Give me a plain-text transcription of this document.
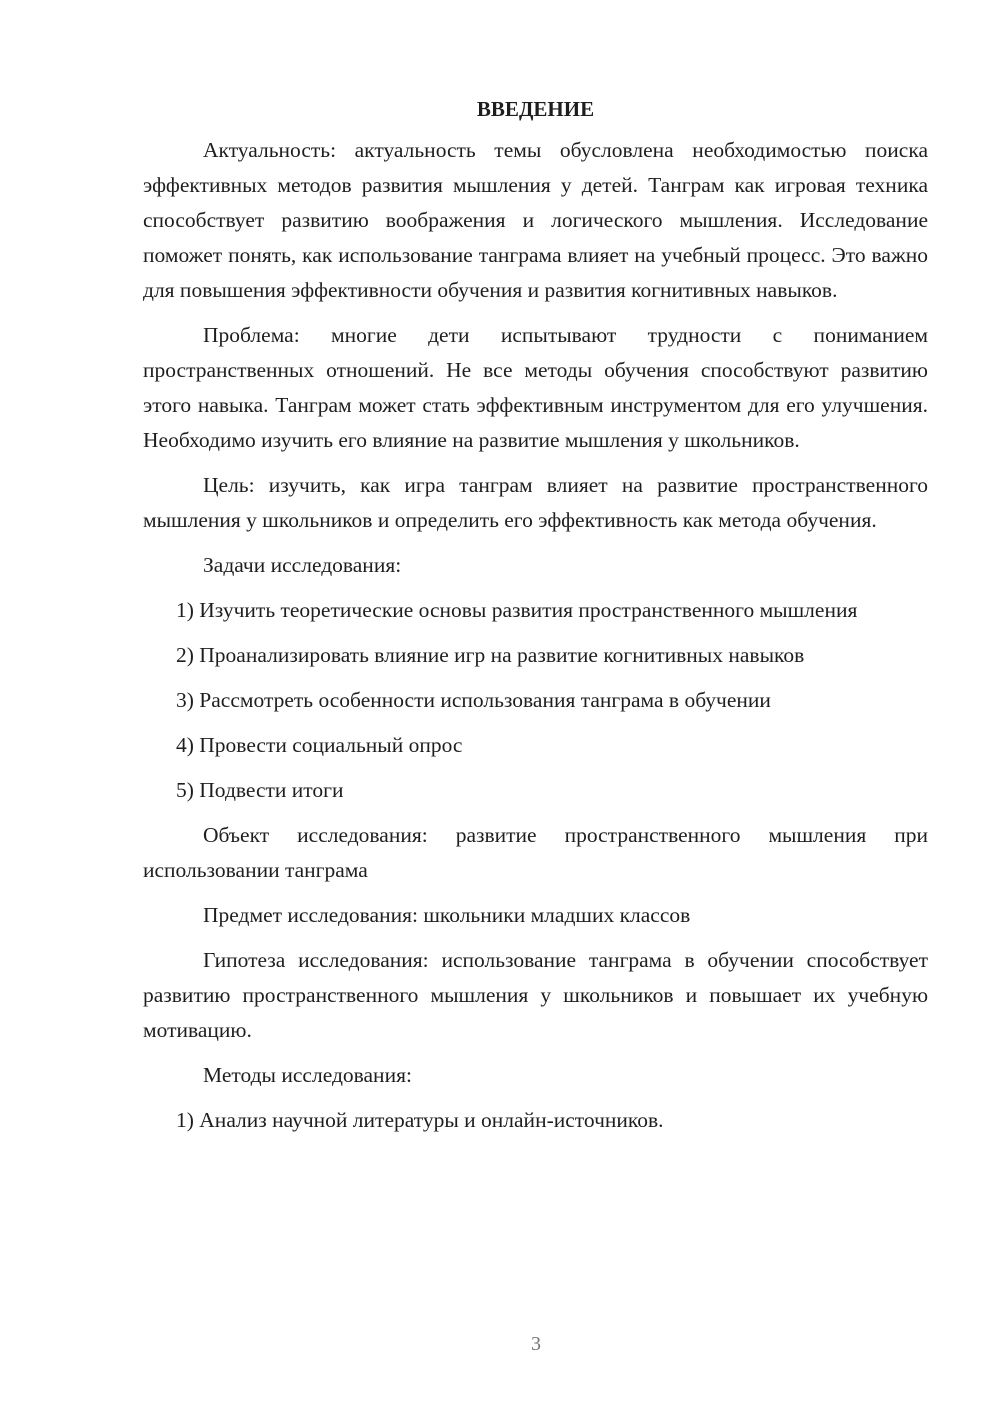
ВВЕДЕНИЕ

Актуальность: актуальность темы обусловлена необходимостью поиска эффективных методов развития мышления у детей. Танграм как игровая техника способствует развитию воображения и логического мышления. Исследование поможет понять, как использование танграма влияет на учебный процесс. Это важно для повышения эффективности обучения и развития когнитивных навыков.

Проблема: многие дети испытывают трудности с пониманием пространственных отношений. Не все методы обучения способствуют развитию этого навыка. Танграм может стать эффективным инструментом для его улучшения. Необходимо изучить его влияние на развитие мышления у школьников.

Цель: изучить, как игра танграм влияет на развитие пространственного мышления у школьников и определить его эффективность как метода обучения.

Задачи исследования:

1) Изучить теоретические основы развития пространственного мышления
2) Проанализировать влияние игр на развитие когнитивных навыков
3) Рассмотреть особенности использования танграма в обучении
4) Провести социальный опрос
5) Подвести итоги

Объект исследования: развитие пространственного мышления при использовании танграма

Предмет исследования: школьники младших классов

Гипотеза исследования: использование танграма в обучении способствует развитию пространственного мышления у школьников и повышает их учебную мотивацию.

Методы исследования:

1) Анализ научной литературы и онлайн-источников.
3
